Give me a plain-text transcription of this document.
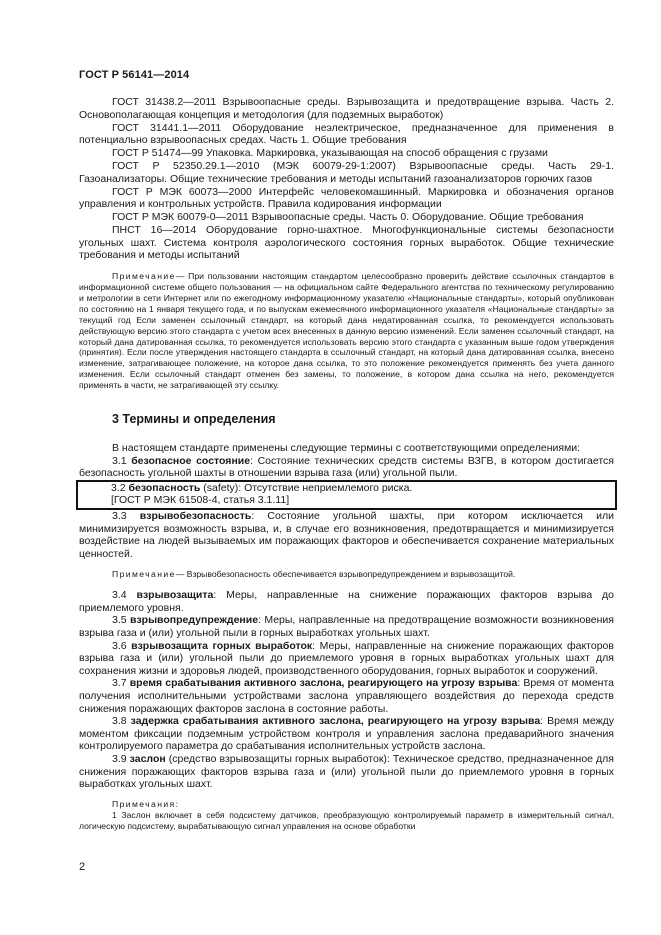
ГОСТ Р 56141—2014

ГОСТ 31438.2—2011 Взрывоопасные среды. Взрывозащита и предотвращение взрыва. Часть 2. Основополагающая концепция и методология (для подземных выработок)

ГОСТ 31441.1—2011 Оборудование неэлектрическое, предназначенное для применения в потенциально взрывоопасных средах. Часть 1. Общие требования

ГОСТ Р 51474—99 Упаковка. Маркировка, указывающая на способ обращения с грузами

ГОСТ Р 52350.29.1—2010 (МЭК 60079-29-1:2007) Взрывоопасные среды. Часть 29-1. Газоанализаторы. Общие технические требования и методы испытаний газоанализаторов горючих газов

ГОСТ Р МЭК 60073—2000 Интерфейс человекомашинный. Маркировка и обозначения органов управления и контрольных устройств. Правила кодирования информации

ГОСТ Р МЭК 60079-0—2011 Взрывоопасные среды. Часть 0. Оборудование. Общие требования

ПНСТ 16—2014 Оборудование горно-шахтное. Многофункциональные системы безопасности угольных шахт. Система контроля аэрологического состояния горных выработок. Общие технические требования и методы испытаний

Примечание— При пользовании настоящим стандартом целесообразно проверить действие ссылочных стандартов в информационной системе общего пользования — на официальном сайте Федерального агентства по техническому регулированию и метрологии в сети Интернет или по ежегодному информационному указателю «Национальные стандарты», который опубликован по состоянию на 1 января текущего года, и по выпускам ежемесячного информационного указателя «Национальные стандарты» за текущий год Если заменен ссылочный стандарт, на который дана недатированная ссылка, то рекомендуется использовать действующую версию этого стандарта с учетом всех внесенных в данную версию изменений. Если заменен ссылочный стандарт, на который дана датированная ссылка, то рекомендуется использовать версию этого стандарта с указанным выше годом утверждения (принятия). Если после утверждения настоящего стандарта в ссылочный стандарт, на который дана датированная ссылка, внесено изменение, затрагивающее положение, на которое дана ссылка, то это положение рекомендуется применять без учета данного изменения. Если ссылочный стандарт отменен без замены, то положение, в котором дана ссылка на него, рекомендуется применять в части, не затрагивающей эту ссылку.

3 Термины и определения

В настоящем стандарте применены следующие термины с соответствующими определениями:

3.1 безопасное состояние: Состояние технических средств системы ВЗГВ, в котором достигается безопасность угольной шахты в отношении взрыва газа (или) угольной пыли.

3.2 безопасность (safety): Отсутствие неприемлемого риска.

[ГОСТ Р МЭК 61508-4, статья 3.1.11]

3.3 взрывобезопасность: Состояние угольной шахты, при котором исключается или минимизируется возможность взрыва, и, в случае его возникновения, предотвращается и минимизируется воздействие на людей вызываемых им поражающих факторов и обеспечивается сохранение материальных ценностей.

Примечание— Взрывобезопасность обеспечивается взрывопредупреждением и взрывозащитой.

3.4 взрывозащита: Меры, направленные на снижение поражающих факторов взрыва до приемлемого уровня.

3.5 взрывопредупреждение: Меры, направленные на предотвращение возможности возникновения взрыва газа и (или) угольной пыли в горных выработках угольных шахт.

3.6 взрывозащита горных выработок: Меры, направленные на снижение поражающих факторов взрыва газа и (или) угольной пыли до приемлемого уровня в горных выработках угольных шахт для сохранения жизни и здоровья людей, производственного оборудования, горных выработок и сооружений.

3.7 время срабатывания активного заслона, реагирующего на угрозу взрыва: Время от момента получения исполнительными устройствами заслона управляющего воздействия до перехода средств снижения поражающих факторов заслона в состояние работы.

3.8 задержка срабатывания активного заслона, реагирующего на угрозу взрыва: Время между моментом фиксации подземным устройством контроля и управления заслона предаварийного значения контролируемого параметра до срабатывания исполнительных устройств заслона.

3.9 заслон (средство взрывозащиты горных выработок): Техническое средство, предназначенное для снижения поражающих факторов взрыва газа и (или) угольной пыли до приемлемого уровня в горных выработках угольных шахт.

Примечания:

1 Заслон включает в себя подсистему датчиков, преобразующую контролируемый параметр в измерительный сигнал, логическую подсистему, вырабатывающую сигнал управления на основе обработки

2
